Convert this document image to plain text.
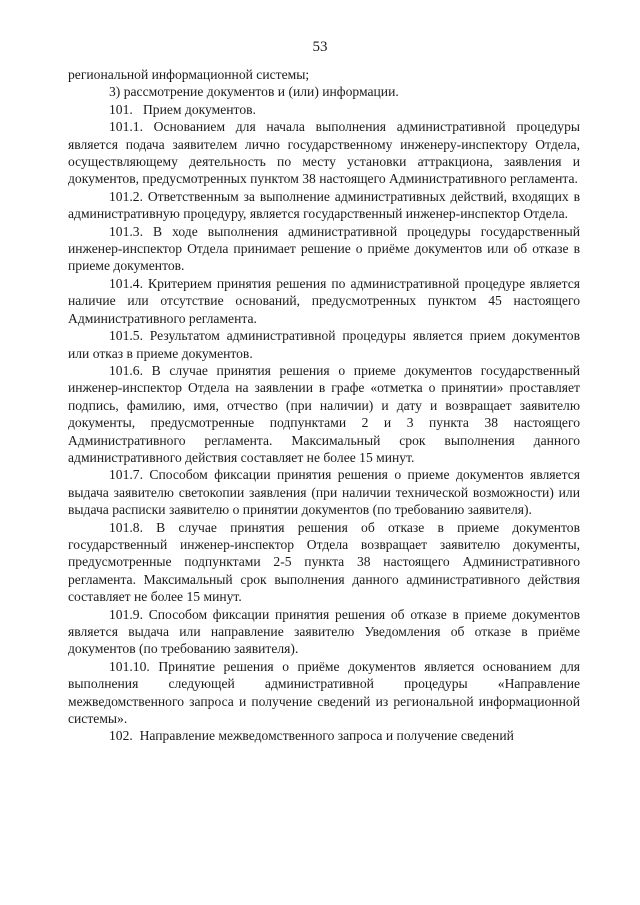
53

региональной информационной системы;

3) рассмотрение документов и (или) информации.

101.   Прием документов.

101.1. Основанием для начала выполнения административной процедуры является подача заявителем лично государственному инженеру-инспектору Отдела, осуществляющему деятельность по месту установки аттракциона, заявления и документов, предусмотренных пунктом 38 настоящего Административного регламента.

101.2. Ответственным за выполнение административных действий, входящих в административную процедуру, является государственный инженер-инспектор Отдела.

101.3. В ходе выполнения административной процедуры государственный инженер-инспектор Отдела принимает решение о приёме документов или об отказе в приеме документов.

101.4. Критерием принятия решения по административной процедуре является наличие или отсутствие оснований, предусмотренных пунктом 45 настоящего Административного регламента.

101.5. Результатом административной процедуры является прием документов или отказ в приеме документов.

101.6. В случае принятия решения о приеме документов государственный инженер-инспектор Отдела на заявлении в графе «отметка о принятии» проставляет подпись, фамилию, имя, отчество (при наличии) и дату и возвращает заявителю документы, предусмотренные подпунктами 2 и 3 пункта 38 настоящего Административного регламента. Максимальный срок выполнения данного административного действия составляет не более 15 минут.

101.7. Способом фиксации принятия решения о приеме документов является выдача заявителю светокопии заявления (при наличии технической возможности) или выдача расписки заявителю о принятии документов (по требованию заявителя).

101.8. В случае принятия решения об отказе в приеме документов государственный инженер-инспектор Отдела возвращает заявителю документы, предусмотренные подпунктами 2-5 пункта 38 настоящего Административного регламента. Максимальный срок выполнения данного административного действия составляет не более 15 минут.

101.9. Способом фиксации принятия решения об отказе в приеме документов является выдача или направление заявителю Уведомления об отказе в приёме документов (по требованию заявителя).

101.10. Принятие решения о приёме документов является основанием для выполнения следующей административной процедуры «Направление межведомственного запроса и получение сведений из региональной информационной системы».

102.  Направление межведомственного запроса и получение сведений
